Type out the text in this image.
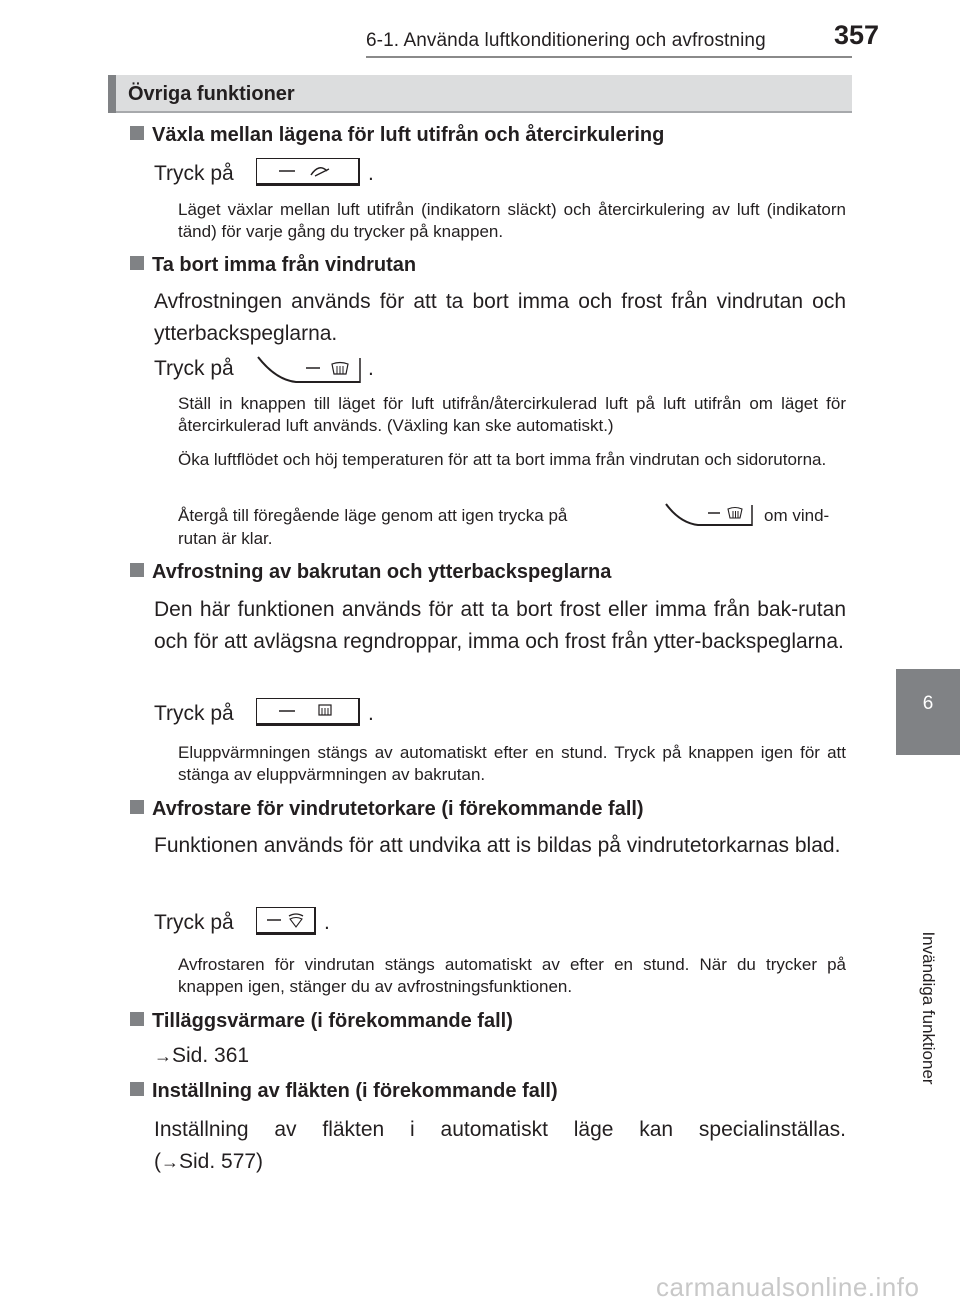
6-1. Använda luftkonditionering och avfrostning	357
6
Invändiga funktioner
Övriga funktioner
Växla mellan lägena för luft utifrån och återcirkulering
Tryck på	.
Läget växlar mellan luft utifrån (indikatorn släckt) och återcirkulering av luft (indikatorn tänd) för varje gång du trycker på knappen.
Ta bort imma från vindrutan
Avfrostningen används för att ta bort imma och frost från vindrutan och ytterbackspeglarna.
Tryck på	.
Ställ in knappen till läget för luft utifrån/återcirkulerad luft på luft utifrån om läget för återcirkulerad luft används. (Växling kan ske automatiskt.)
Öka luftflödet och höj temperaturen för att ta bort imma från vindrutan och sidorutorna.
Återgå till föregående läge genom att igen trycka på	om vind-
rutan är klar.
Avfrostning av bakrutan och ytterbackspeglarna
Den här funktionen används för att ta bort frost eller imma från bak-rutan och för att avlägsna regndroppar, imma och frost från ytter-backspeglarna.
Tryck på	.
Eluppvärmningen stängs av automatiskt efter en stund. Tryck på knappen igen för att stänga av eluppvärmningen av bakrutan.
Avfrostare för vindrutetorkare (i förekommande fall)
Funktionen används för att undvika att is bildas på vindrutetorkarnas blad.
Tryck på	.
Avfrostaren för vindrutan stängs automatiskt av efter en stund. När du trycker på knappen igen, stänger du av avfrostningsfunktionen.
Tilläggsvärmare (i förekommande fall)
→Sid. 361
Inställning av fläkten (i förekommande fall)
Inställning av fläkten i automatiskt läge kan specialinställas.
(→Sid. 577)
carmanualsonline.info
